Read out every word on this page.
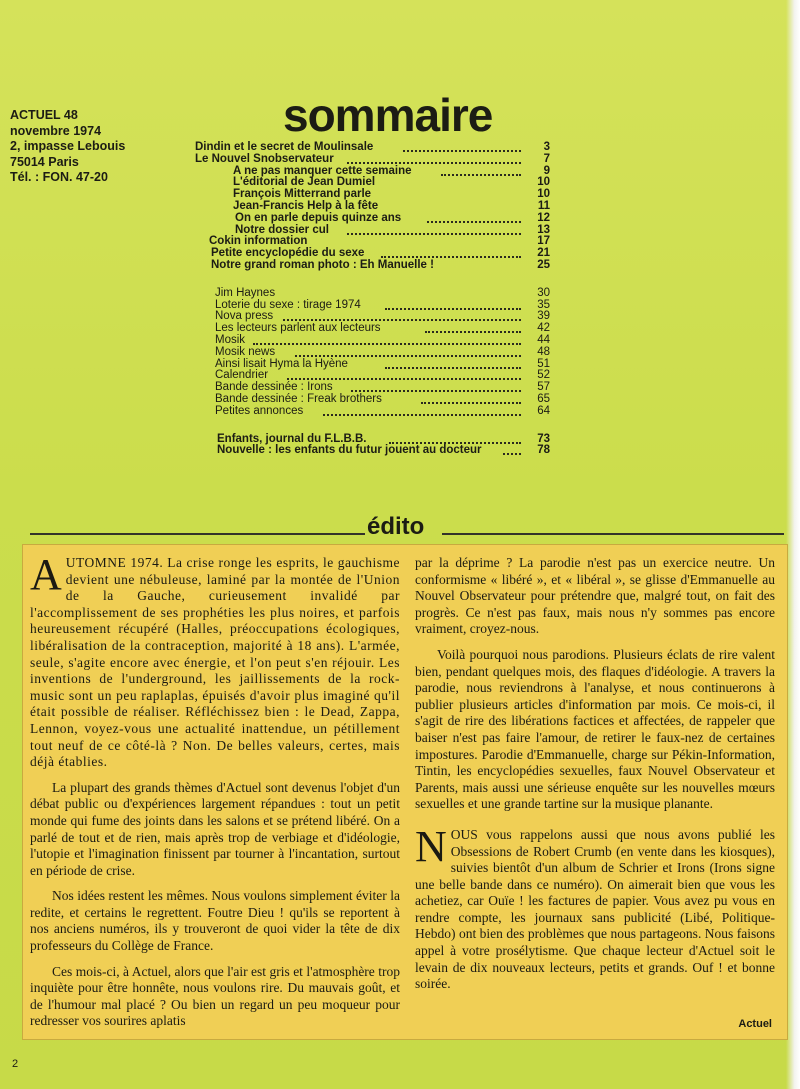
ACTUEL 48
novembre 1974
2, impasse Lebouis
75014 Paris
Tél. : FON. 47-20
sommaire
Dindin et le secret de Moulinsale	3
Le Nouvel Snobservateur	7
A ne pas manquer cette semaine	9
L'éditorial de Jean Dumiel	10
François Mitterrand parle	10
Jean-Francis Help à la fête	11
On en parle depuis quinze ans	12
Notre dossier cul	13
Cokin information	17
Petite encyclopédie du sexe	21
Notre grand roman photo : Eh Manuelle !	25
Jim Haynes	30
Loterie du sexe : tirage 1974	35
Nova press	39
Les lecteurs parlent aux lecteurs	42
Mosik	44
Mosik news	48
Ainsi lisait Hyma la Hyène	51
Calendrier	52
Bande dessinée : Irons	57
Bande dessinée : Freak brothers	65
Petites annonces	64
Enfants, journal du F.L.B.B.	73
Nouvelle : les enfants du futur jouent au docteur	78
édito

AUTOMNE 1974. La crise ronge les esprits, le gauchisme devient une nébuleuse, laminé par la montée de l'Union de la Gauche, curieusement invalidé par l'accomplissement de ses prophéties les plus noires, et parfois heureusement récupéré (Halles, préoccupations écologiques, libéralisation de la contraception, majorité à 18 ans). L'armée, seule, s'agite encore avec énergie, et l'on peut s'en réjouir. Les inventions de l'underground, les jaillissements de la rock-music sont un peu raplaplas, épuisés d'avoir plus imaginé qu'il était possible de réaliser. Réfléchissez bien : le Dead, Zappa, Lennon, voyez-vous une actualité inattendue, un pétillement tout neuf de ce côté-là ? Non. De belles valeurs, certes, mais déjà établies.

La plupart des grands thèmes d'Actuel sont devenus l'objet d'un débat public ou d'expériences largement répandues : tout un petit monde qui fume des joints dans les salons et se prétend libéré. On a parlé de tout et de rien, mais après trop de verbiage et d'idéologie, l'utopie et l'imagination finissent par tourner à l'incantation, surtout en période de crise.

Nos idées restent les mêmes. Nous voulons simplement éviter la redite, et certains le regrettent. Foutre Dieu ! qu'ils se reportent à nos anciens numéros, ils y trouveront de quoi vider la tête de dix professeurs du Collège de France.

Ces mois-ci, à Actuel, alors que l'air est gris et l'atmosphère trop inquiète pour être honnête, nous voulons rire. Du mauvais goût, et de l'humour mal placé ? Ou bien un regard un peu moqueur pour redresser vos sourires aplatis

par la déprime ? La parodie n'est pas un exercice neutre. Un conformisme « libéré », et « libéral », se glisse d'Emmanuelle au Nouvel Observateur pour prétendre que, malgré tout, on fait des progrès. Ce n'est pas faux, mais nous n'y sommes pas encore vraiment, croyez-nous.

Voilà pourquoi nous parodions. Plusieurs éclats de rire valent bien, pendant quelques mois, des flaques d'idéologie. A travers la parodie, nous reviendrons à l'analyse, et nous continuerons à publier plusieurs articles d'information par mois. Ce mois-ci, il s'agit de rire des libérations factices et affectées, de rappeler que baiser n'est pas faire l'amour, de retirer le faux-nez de certaines impostures. Parodie d'Emmanuelle, charge sur Pékin-Information, Tintin, les encyclopédies sexuelles, faux Nouvel Observateur et Parents, mais aussi une sérieuse enquête sur les nouvelles mœurs sexuelles et une grande tartine sur la musique planante.

NOUS vous rappelons aussi que nous avons publié les Obsessions de Robert Crumb (en vente dans les kiosques), suivies bientôt d'un album de Schrier et Irons (Irons signe une belle bande dans ce numéro). On aimerait bien que vous les achetiez, car Ouïe ! les factures de papier. Vous avez pu vous en rendre compte, les journaux sans publicité (Libé, Politique-Hebdo) ont bien des problèmes que nous partageons. Nous faisons appel à votre prosélytisme. Que chaque lecteur d'Actuel soit le levain de dix nouveaux lecteurs, petits et grands. Ouf ! et bonne soirée.

Actuel
2
